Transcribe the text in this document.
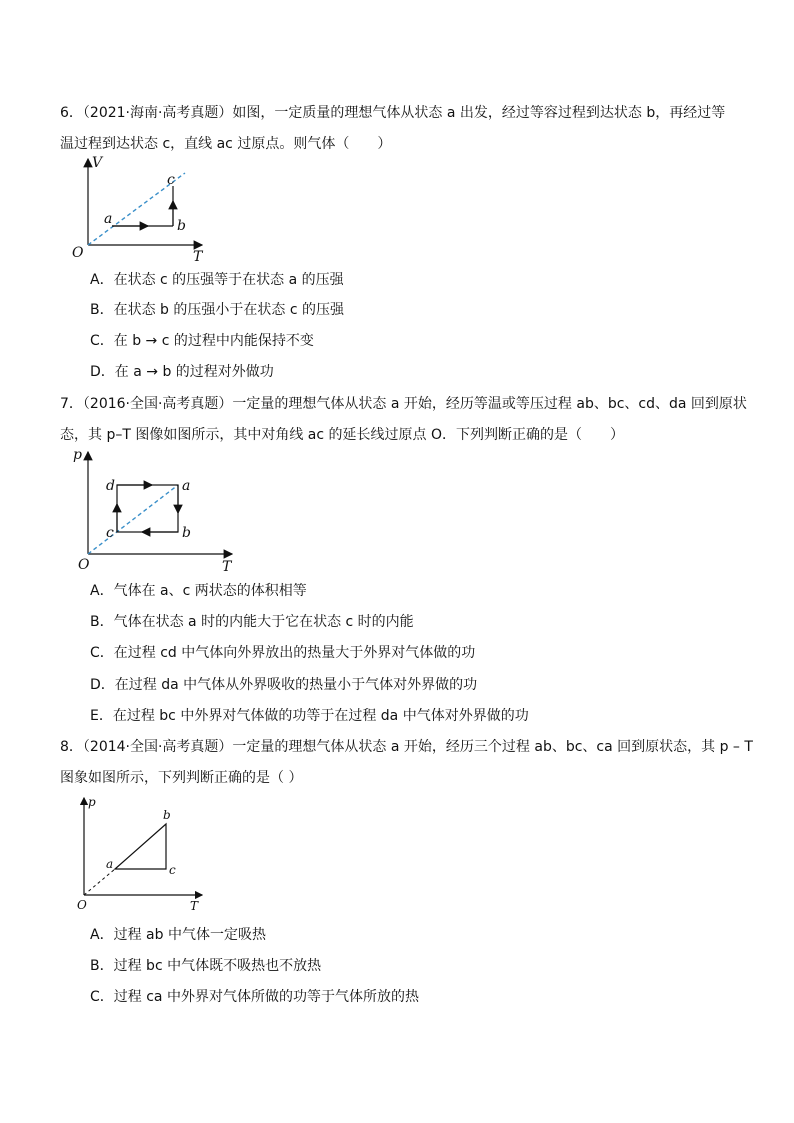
6．（2021·海南·高考真题）如图，一定质量的理想气体从状态 a 出发，经过等容过程到达状态 b，再经过等
温过程到达状态 c，直线 ac 过原点。则气体（　　）
V
T
O
a	b
c
A．在状态 c 的压强等于在状态 a 的压强
B．在状态 b 的压强小于在状态 c 的压强
C．在 b → c 的过程中内能保持不变
D．在 a → b 的过程对外做功
7．（2016·全国·高考真题）一定量的理想气体从状态 a 开始，经历等温或等压过程 ab、bc、cd、da 回到原状
态，其 p–T 图像如图所示，其中对角线 ac 的延长线过原点 O．下列判断正确的是（　　）
p
T
O
a
b
c
d
A．气体在 a、c 两状态的体积相等
B．气体在状态 a 时的内能大于它在状态 c 时的内能
C．在过程 cd 中气体向外界放出的热量大于外界对气体做的功
D．在过程 da 中气体从外界吸收的热量小于气体对外界做的功
E．在过程 bc 中外界对气体做的功等于在过程 da 中气体对外界做的功
8．（2014·全国·高考真题）一定量的理想气体从状态 a 开始，经历三个过程 ab、bc、ca 回到原状态，其 p – T
图象如图所示，下列判断正确的是（ ）
p
T
O
a
b
c
A．过程 ab 中气体一定吸热
B．过程 bc 中气体既不吸热也不放热
C．过程 ca 中外界对气体所做的功等于气体所放的热
